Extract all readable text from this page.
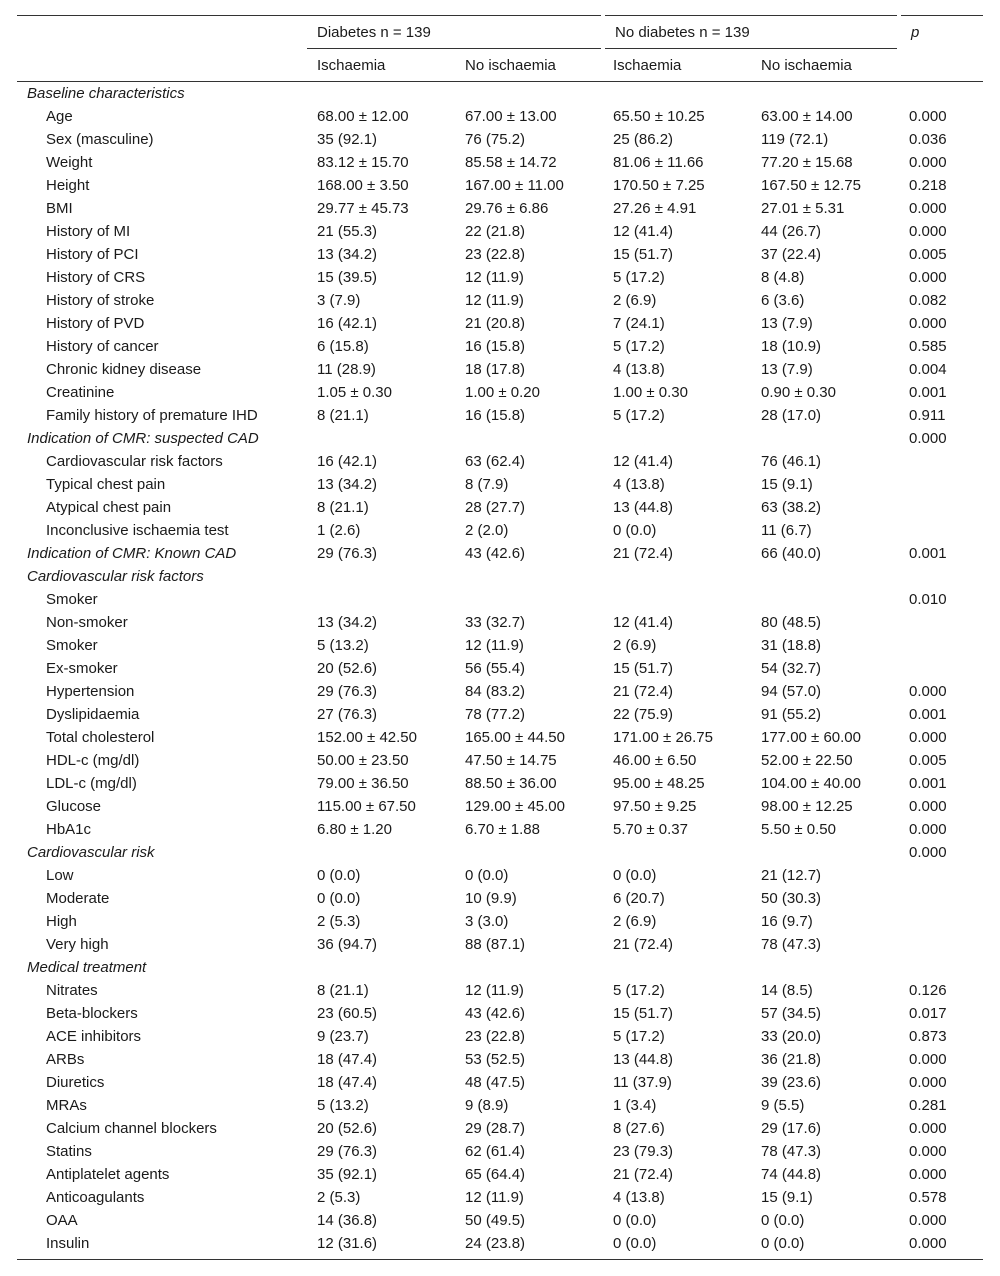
	Diabetes n = 139		No diabetes n = 139		p
	Ischaemia	No ischaemia	Ischaemia	No ischaemia	
Baseline characteristics					
Age	68.00 ± 12.00	67.00 ± 13.00	65.50 ± 10.25	63.00 ± 14.00	0.000
Sex (masculine)	35 (92.1)	76 (75.2)	25 (86.2)	119 (72.1)	0.036
Weight	83.12 ± 15.70	85.58 ± 14.72	81.06 ± 11.66	77.20 ± 15.68	0.000
Height	168.00 ± 3.50	167.00 ± 11.00	170.50 ± 7.25	167.50 ± 12.75	0.218
BMI	29.77 ± 45.73	29.76 ± 6.86	27.26 ± 4.91	27.01 ± 5.31	0.000
History of MI	21 (55.3)	22 (21.8)	12 (41.4)	44 (26.7)	0.000
History of PCI	13 (34.2)	23 (22.8)	15 (51.7)	37 (22.4)	0.005
History of CRS	15 (39.5)	12 (11.9)	5 (17.2)	8 (4.8)	0.000
History of stroke	3 (7.9)	12 (11.9)	2 (6.9)	6 (3.6)	0.082
History of PVD	16 (42.1)	21 (20.8)	7 (24.1)	13 (7.9)	0.000
History of cancer	6 (15.8)	16 (15.8)	5 (17.2)	18 (10.9)	0.585
Chronic kidney disease	11 (28.9)	18 (17.8)	4 (13.8)	13 (7.9)	0.004
Creatinine	1.05 ± 0.30	1.00 ± 0.20	1.00 ± 0.30	0.90 ± 0.30	0.001
Family history of premature IHD	8 (21.1)	16 (15.8)	5 (17.2)	28 (17.0)	0.911
Indication of CMR: suspected CAD					0.000
Cardiovascular risk factors	16 (42.1)	63 (62.4)	12 (41.4)	76 (46.1)	
Typical chest pain	13 (34.2)	8 (7.9)	4 (13.8)	15 (9.1)	
Atypical chest pain	8 (21.1)	28 (27.7)	13 (44.8)	63 (38.2)	
Inconclusive ischaemia test	1 (2.6)	2 (2.0)	0 (0.0)	11 (6.7)	
Indication of CMR: Known CAD	29 (76.3)	43 (42.6)	21 (72.4)	66 (40.0)	0.001
Cardiovascular risk factors					
Smoker					0.010
Non-smoker	13 (34.2)	33 (32.7)	12 (41.4)	80 (48.5)	
Smoker	5 (13.2)	12 (11.9)	2 (6.9)	31 (18.8)	
Ex-smoker	20 (52.6)	56 (55.4)	15 (51.7)	54 (32.7)	
Hypertension	29 (76.3)	84 (83.2)	21 (72.4)	94 (57.0)	0.000
Dyslipidaemia	27 (76.3)	78 (77.2)	22 (75.9)	91 (55.2)	0.001
Total cholesterol	152.00 ± 42.50	165.00 ± 44.50	171.00 ± 26.75	177.00 ± 60.00	0.000
HDL-c (mg/dl)	50.00 ± 23.50	47.50 ± 14.75	46.00 ± 6.50	52.00 ± 22.50	0.005
LDL-c (mg/dl)	79.00 ± 36.50	88.50 ± 36.00	95.00 ± 48.25	104.00 ± 40.00	0.001
Glucose	115.00 ± 67.50	129.00 ± 45.00	97.50 ± 9.25	98.00 ± 12.25	0.000
HbA1c	6.80 ± 1.20	6.70 ± 1.88	5.70 ± 0.37	5.50 ± 0.50	0.000
Cardiovascular risk					0.000
Low	0 (0.0)	0 (0.0)	0 (0.0)	21 (12.7)	
Moderate	0 (0.0)	10 (9.9)	6 (20.7)	50 (30.3)	
High	2 (5.3)	3 (3.0)	2 (6.9)	16 (9.7)	
Very high	36 (94.7)	88 (87.1)	21 (72.4)	78 (47.3)	
Medical treatment					
Nitrates	8 (21.1)	12 (11.9)	5 (17.2)	14 (8.5)	0.126
Beta-blockers	23 (60.5)	43 (42.6)	15 (51.7)	57 (34.5)	0.017
ACE inhibitors	9 (23.7)	23 (22.8)	5 (17.2)	33 (20.0)	0.873
ARBs	18 (47.4)	53 (52.5)	13 (44.8)	36 (21.8)	0.000
Diuretics	18 (47.4)	48 (47.5)	11 (37.9)	39 (23.6)	0.000
MRAs	5 (13.2)	9 (8.9)	1 (3.4)	9 (5.5)	0.281
Calcium channel blockers	20 (52.6)	29 (28.7)	8 (27.6)	29 (17.6)	0.000
Statins	29 (76.3)	62 (61.4)	23 (79.3)	78 (47.3)	0.000
Antiplatelet agents	35 (92.1)	65 (64.4)	21 (72.4)	74 (44.8)	0.000
Anticoagulants	2 (5.3)	12 (11.9)	4 (13.8)	15 (9.1)	0.578
OAA	14 (36.8)	50 (49.5)	0 (0.0)	0 (0.0)	0.000
Insulin	12 (31.6)	24 (23.8)	0 (0.0)	0 (0.0)	0.000
